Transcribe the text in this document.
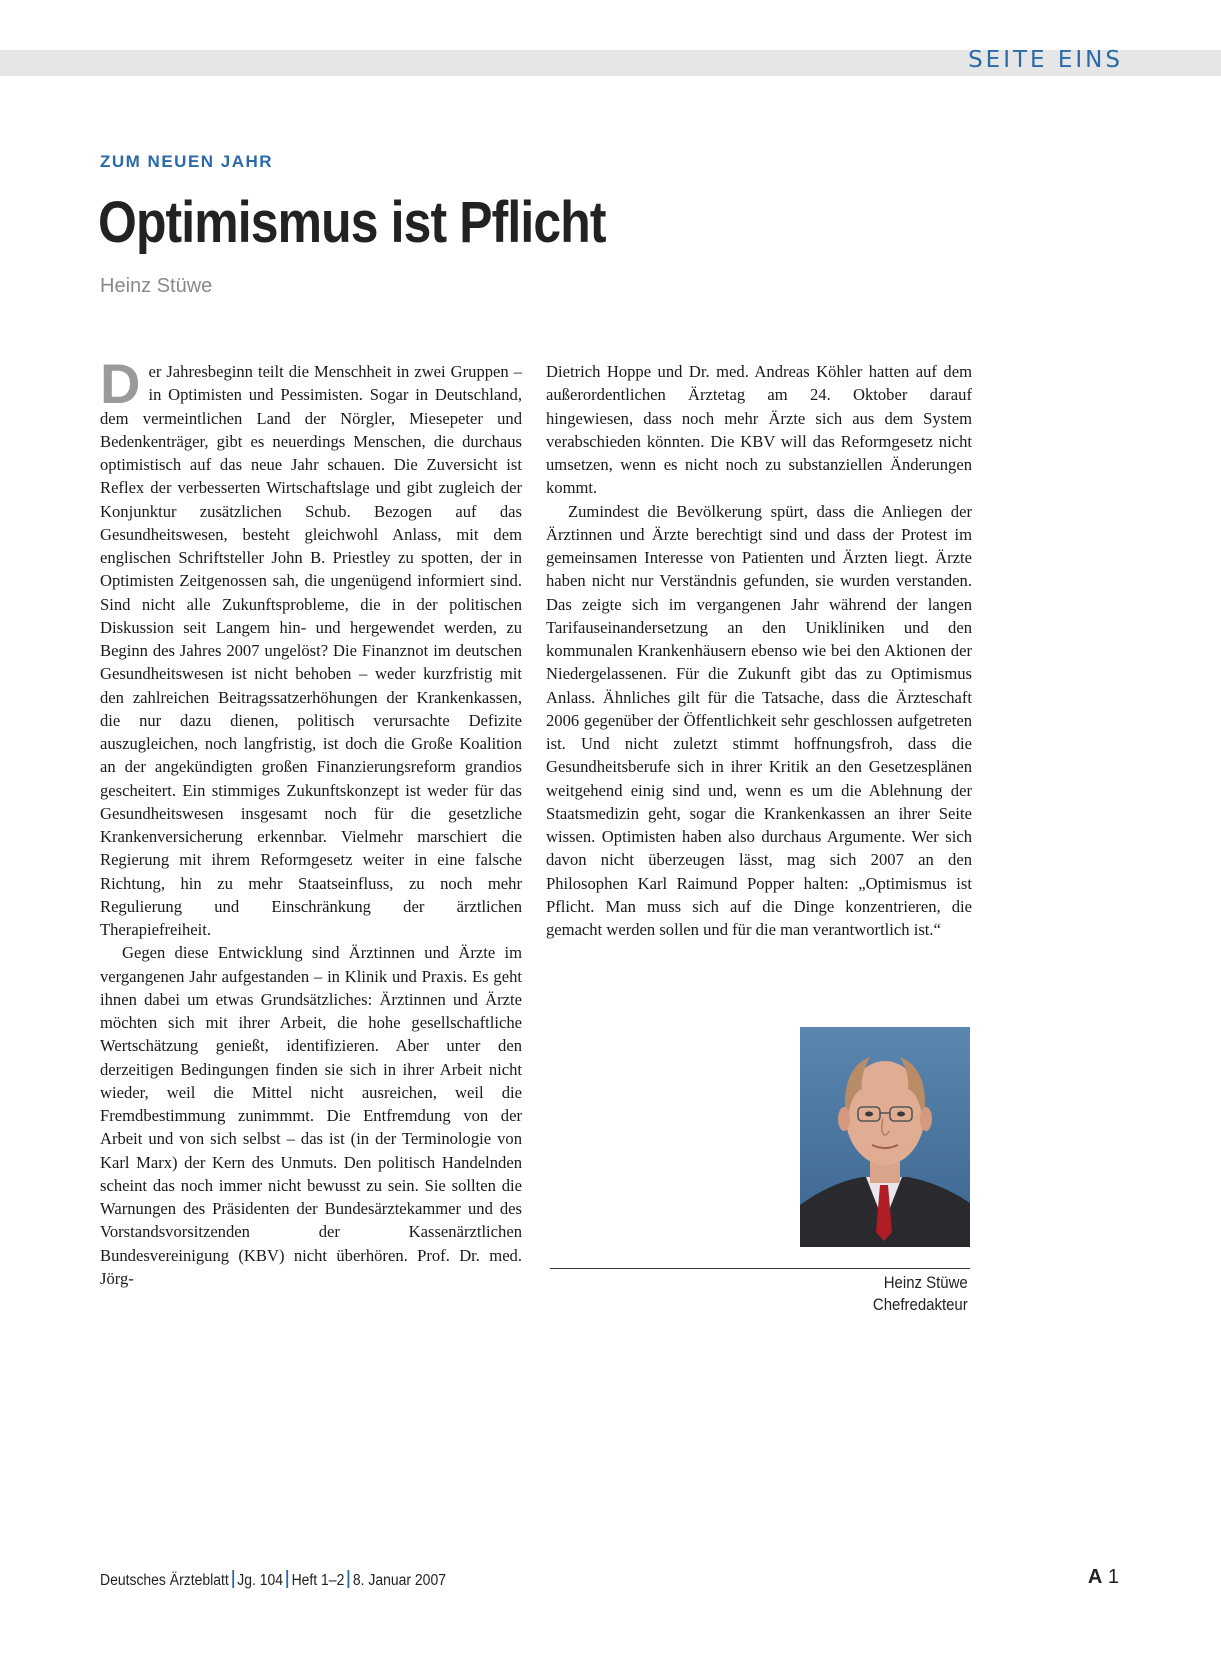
SEITE EINS
ZUM NEUEN JAHR
Optimismus ist Pflicht
Heinz Stüwe

Der Jahresbeginn teilt die Menschheit in zwei Gruppen – in Optimisten und Pessimisten. Sogar in Deutschland, dem vermeintlichen Land der Nörgler, Miesepeter und Bedenkenträger, gibt es neuerdings Menschen, die durchaus optimistisch auf das neue Jahr schauen. Die Zuversicht ist Reflex der verbesserten Wirtschaftslage und gibt zugleich der Konjunktur zusätzlichen Schub. Bezogen auf das Gesundheitswesen, besteht gleichwohl Anlass, mit dem englischen Schriftsteller John B. Priestley zu spotten, der in Optimisten Zeitgenossen sah, die ungenügend informiert sind. Sind nicht alle Zukunftsprobleme, die in der politischen Diskussion seit Langem hin- und hergewendet werden, zu Beginn des Jahres 2007 ungelöst? Die Finanznot im deutschen Gesundheitswesen ist nicht behoben – weder kurzfristig mit den zahlreichen Beitragssatzerhöhungen der Krankenkassen, die nur dazu dienen, politisch verursachte Defizite auszugleichen, noch langfristig, ist doch die Große Koalition an der angekündigten großen Finanzierungsreform grandios gescheitert. Ein stimmiges Zukunftskonzept ist weder für das Gesundheitswesen insgesamt noch für die gesetzliche Krankenversicherung erkennbar. Vielmehr marschiert die Regierung mit ihrem Reformgesetz weiter in eine falsche Richtung, hin zu mehr Staatseinfluss, zu noch mehr Regulierung und Einschränkung der ärztlichen Therapiefreiheit.

Gegen diese Entwicklung sind Ärztinnen und Ärzte im vergangenen Jahr aufgestanden – in Klinik und Praxis. Es geht ihnen dabei um etwas Grundsätzliches: Ärztinnen und Ärzte möchten sich mit ihrer Arbeit, die hohe gesellschaftliche Wertschätzung genießt, identifizieren. Aber unter den derzeitigen Bedingungen finden sie sich in ihrer Arbeit nicht wieder, weil die Mittel nicht ausreichen, weil die Fremdbestimmung zunimmmt. Die Entfremdung von der Arbeit und von sich selbst – das ist (in der Terminologie von Karl Marx) der Kern des Unmuts. Den politisch Handelnden scheint das noch immer nicht bewusst zu sein. Sie sollten die Warnungen des Präsidenten der Bundesärztekammer und des Vorstandsvorsitzenden der Kassenärztlichen Bundesvereinigung (KBV) nicht überhören. Prof. Dr. med. Jörg-

Dietrich Hoppe und Dr. med. Andreas Köhler hatten auf dem außerordentlichen Ärztetag am 24. Oktober darauf hingewiesen, dass noch mehr Ärzte sich aus dem System verabschieden könnten. Die KBV will das Reformgesetz nicht umsetzen, wenn es nicht noch zu substanziellen Änderungen kommt.

Zumindest die Bevölkerung spürt, dass die Anliegen der Ärztinnen und Ärzte berechtigt sind und dass der Protest im gemeinsamen Interesse von Patienten und Ärzten liegt. Ärzte haben nicht nur Verständnis gefunden, sie wurden verstanden. Das zeigte sich im vergangenen Jahr während der langen Tarifauseinandersetzung an den Unikliniken und den kommunalen Krankenhäusern ebenso wie bei den Aktionen der Niedergelassenen. Für die Zukunft gibt das zu Optimismus Anlass. Ähnliches gilt für die Tatsache, dass die Ärzteschaft 2006 gegenüber der Öffentlichkeit sehr geschlossen aufgetreten ist. Und nicht zuletzt stimmt hoffnungsfroh, dass die Gesundheitsberufe sich in ihrer Kritik an den Gesetzesplänen weitgehend einig sind und, wenn es um die Ablehnung der Staatsmedizin geht, sogar die Krankenkassen an ihrer Seite wissen. Optimisten haben also durchaus Argumente. Wer sich davon nicht überzeugen lässt, mag sich 2007 an den Philosophen Karl Raimund Popper halten: „Optimismus ist Pflicht. Man muss sich auf die Dinge konzentrieren, die gemacht werden sollen und für die man verantwortlich ist.“

Heinz Stüwe
Chefredakteur
Deutsches Ärzteblatt Jg. 104 Heft 1–2 8. Januar 2007	A 1
